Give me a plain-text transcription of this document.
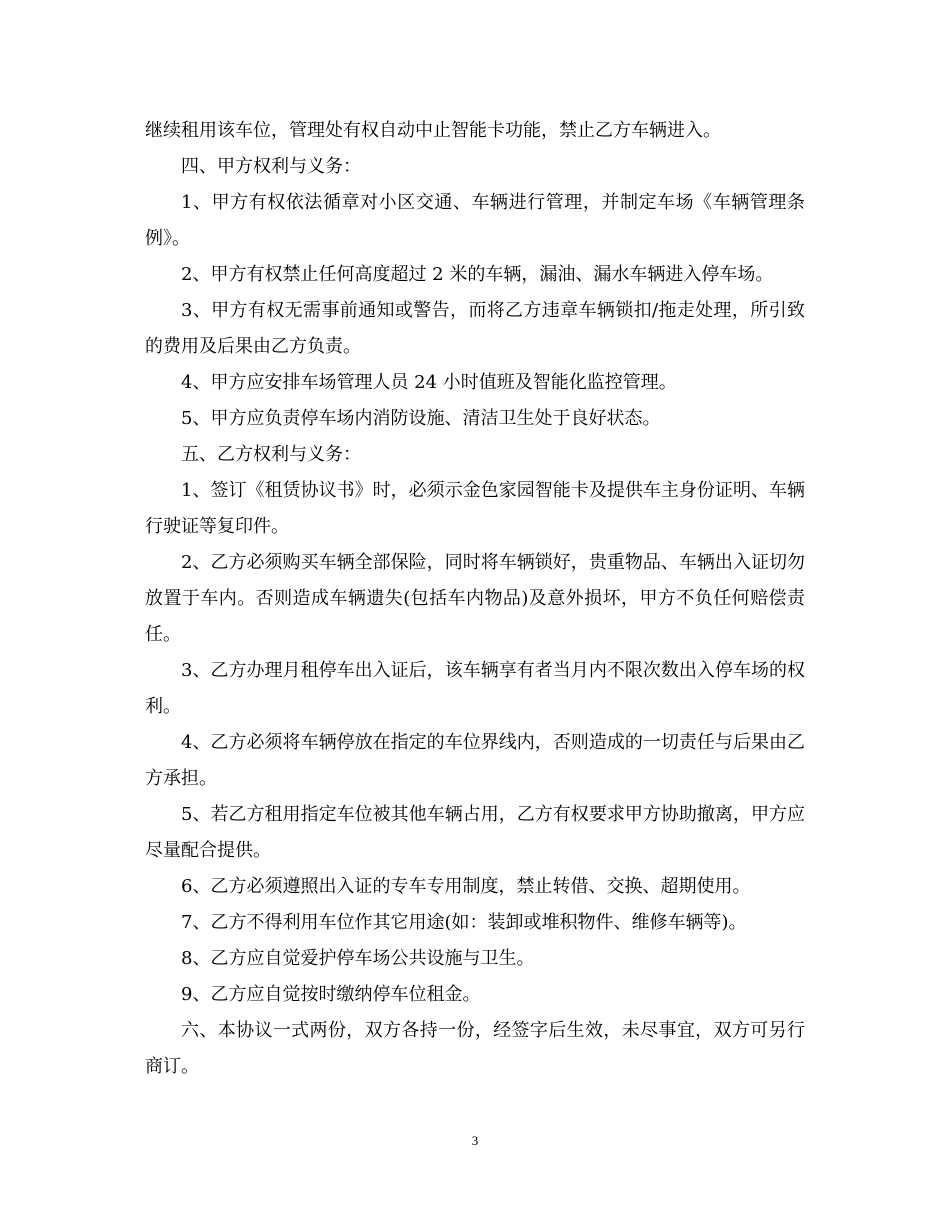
继续租用该车位，管理处有权自动中止智能卡功能，禁止乙方车辆进入。

四、甲方权利与义务：

1、甲方有权依法循章对小区交通、车辆进行管理，并制定车场《车辆管理条例》。

2、甲方有权禁止任何高度超过 2 米的车辆，漏油、漏水车辆进入停车场。

3、甲方有权无需事前通知或警告，而将乙方违章车辆锁扣/拖走处理，所引致的费用及后果由乙方负责。

4、甲方应安排车场管理人员 24 小时值班及智能化监控管理。

5、甲方应负责停车场内消防设施、清洁卫生处于良好状态。

五、乙方权利与义务：

1、签订《租赁协议书》时，必须示金色家园智能卡及提供车主身份证明、车辆行驶证等复印件。

2、乙方必须购买车辆全部保险，同时将车辆锁好，贵重物品、车辆出入证切勿放置于车内。否则造成车辆遗失(包括车内物品)及意外损坏，甲方不负任何赔偿责任。

3、乙方办理月租停车出入证后，该车辆享有者当月内不限次数出入停车场的权利。

4、乙方必须将车辆停放在指定的车位界线内，否则造成的一切责任与后果由乙方承担。

5、若乙方租用指定车位被其他车辆占用，乙方有权要求甲方协助撤离，甲方应尽量配合提供。

6、乙方必须遵照出入证的专车专用制度，禁止转借、交换、超期使用。

7、乙方不得利用车位作其它用途(如：装卸或堆积物件、维修车辆等)。

8、乙方应自觉爱护停车场公共设施与卫生。

9、乙方应自觉按时缴纳停车位租金。

六、本协议一式两份，双方各持一份，经签字后生效，未尽事宜，双方可另行商订。

3
